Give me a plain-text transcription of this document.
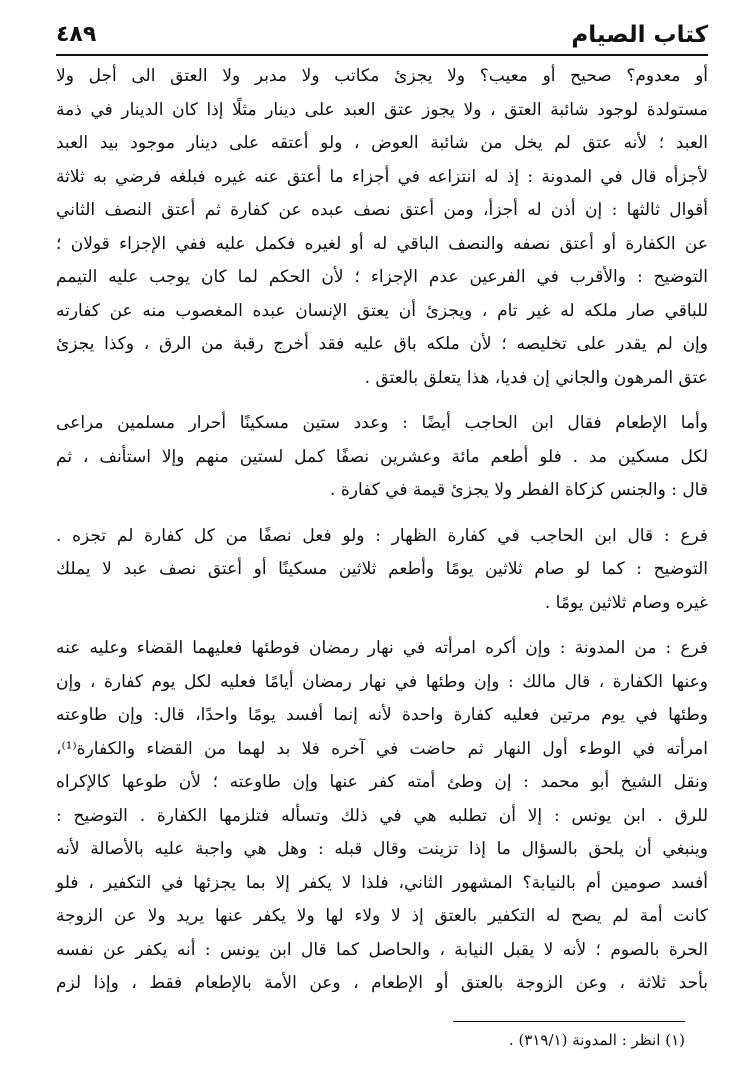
كتاب الصيام
٤٨٩

أو معدوم؟ صحيح أو معيب؟ ولا يجزئ مكاتب ولا مدبر ولا العتق الى أجل ولا

مستولدة لوجود شائبة العتق ، ولا يجوز عتق العبد على دينار مثلًا إذا كان الدينار في ذمة

العبد ؛ لأنه عتق لم يخل من شائبة العوض ، ولو أعتقه على دينار موجود بيد العبد

لأجزأه قال في المدونة : إذ له انتزاعه في أجزاء ما أعتق عنه غيره فبلغه فرضي به ثلاثة

أقوال ثالثها : إن أذن له أجزأ، ومن أعتق نصف عبده عن كفارة ثم أعتق النصف الثاني

عن الكفارة أو أعتق نصفه والنصف الباقي له أو لغيره فكمل عليه ففي الإجزاء قولان ؛

التوضيح : والأقرب في الفرعين عدم الإجزاء ؛ لأن الحكم لما كان يوجب عليه التيمم

للباقي صار ملكه له غير تام ، ويجزئ أن يعتق الإنسان عبده المغصوب منه عن كفارته

وإن لم يقدر على تخليصه ؛ لأن ملكه باق عليه فقد أخرج رقبة من الرق ، وكذا يجزئ

عتق المرهون والجاني إن فديا، هذا يتعلق بالعتق .

وأما الإطعام فقال ابن الحاجب أيضًا : وعدد ستين مسكينًا أحرار مسلمين مراعى

لكل مسكين مد . فلو أطعم مائة وعشرين نصفًا كمل لستين منهم وإلا استأنف ، ثم

قال : والجنس كزكاة الفطر ولا يجزئ قيمة في كفارة .

فرع : قال ابن الحاجب في كفارة الظهار : ولو فعل نصفًا من كل كفارة لم تجزه .

التوضيح : كما لو صام ثلاثين يومًا وأطعم ثلاثين مسكينًا أو أعتق نصف عبد لا يملك

غيره وصام ثلاثين يومًا .

فرع : من المدونة : وإن أكره امرأته في نهار رمضان فوطئها فعليهما القضاء وعليه عنه

وعنها الكفارة ، قال مالك : وإن وطئها في نهار رمضان أيامًا فعليه لكل يوم كفارة ، وإن

وطئها في يوم مرتين فعليه كفارة واحدة لأنه إنما أفسد يومًا واحدًا، قال: وإن طاوعته

امرأته في الوطء أول النهار ثم حاضت في آخره فلا بد لهما من القضاء والكفارة⁽¹⁾،

ونقل الشيخ أبو محمد : إن وطئ أمته كفر عنها وإن طاوعته ؛ لأن طوعها كالإكراه

للرق . ابن يونس : إلا أن تطلبه هي في ذلك وتسأله فتلزمها الكفارة . التوضيح :

وينبغي أن يلحق بالسؤال ما إذا تزينت وقال قبله : وهل هي واجبة عليه بالأصالة لأنه

أفسد صومين أم بالنيابة؟ المشهور الثاني، فلذا لا يكفر إلا بما يجزئها في التكفير ، فلو

كانت أمة لم يصح له التكفير بالعتق إذ لا ولاء لها ولا يكفر عنها يريد ولا عن الزوجة

الحرة بالصوم ؛ لأنه لا يقبل النيابة ، والحاصل كما قال ابن يونس : أنه يكفر عن نفسه

بأحد ثلاثة ، وعن الزوجة بالعتق أو الإطعام ، وعن الأمة بالإطعام فقط ، وإذا لزم

(١) انظر : المدونة (٣١٩/١) .
